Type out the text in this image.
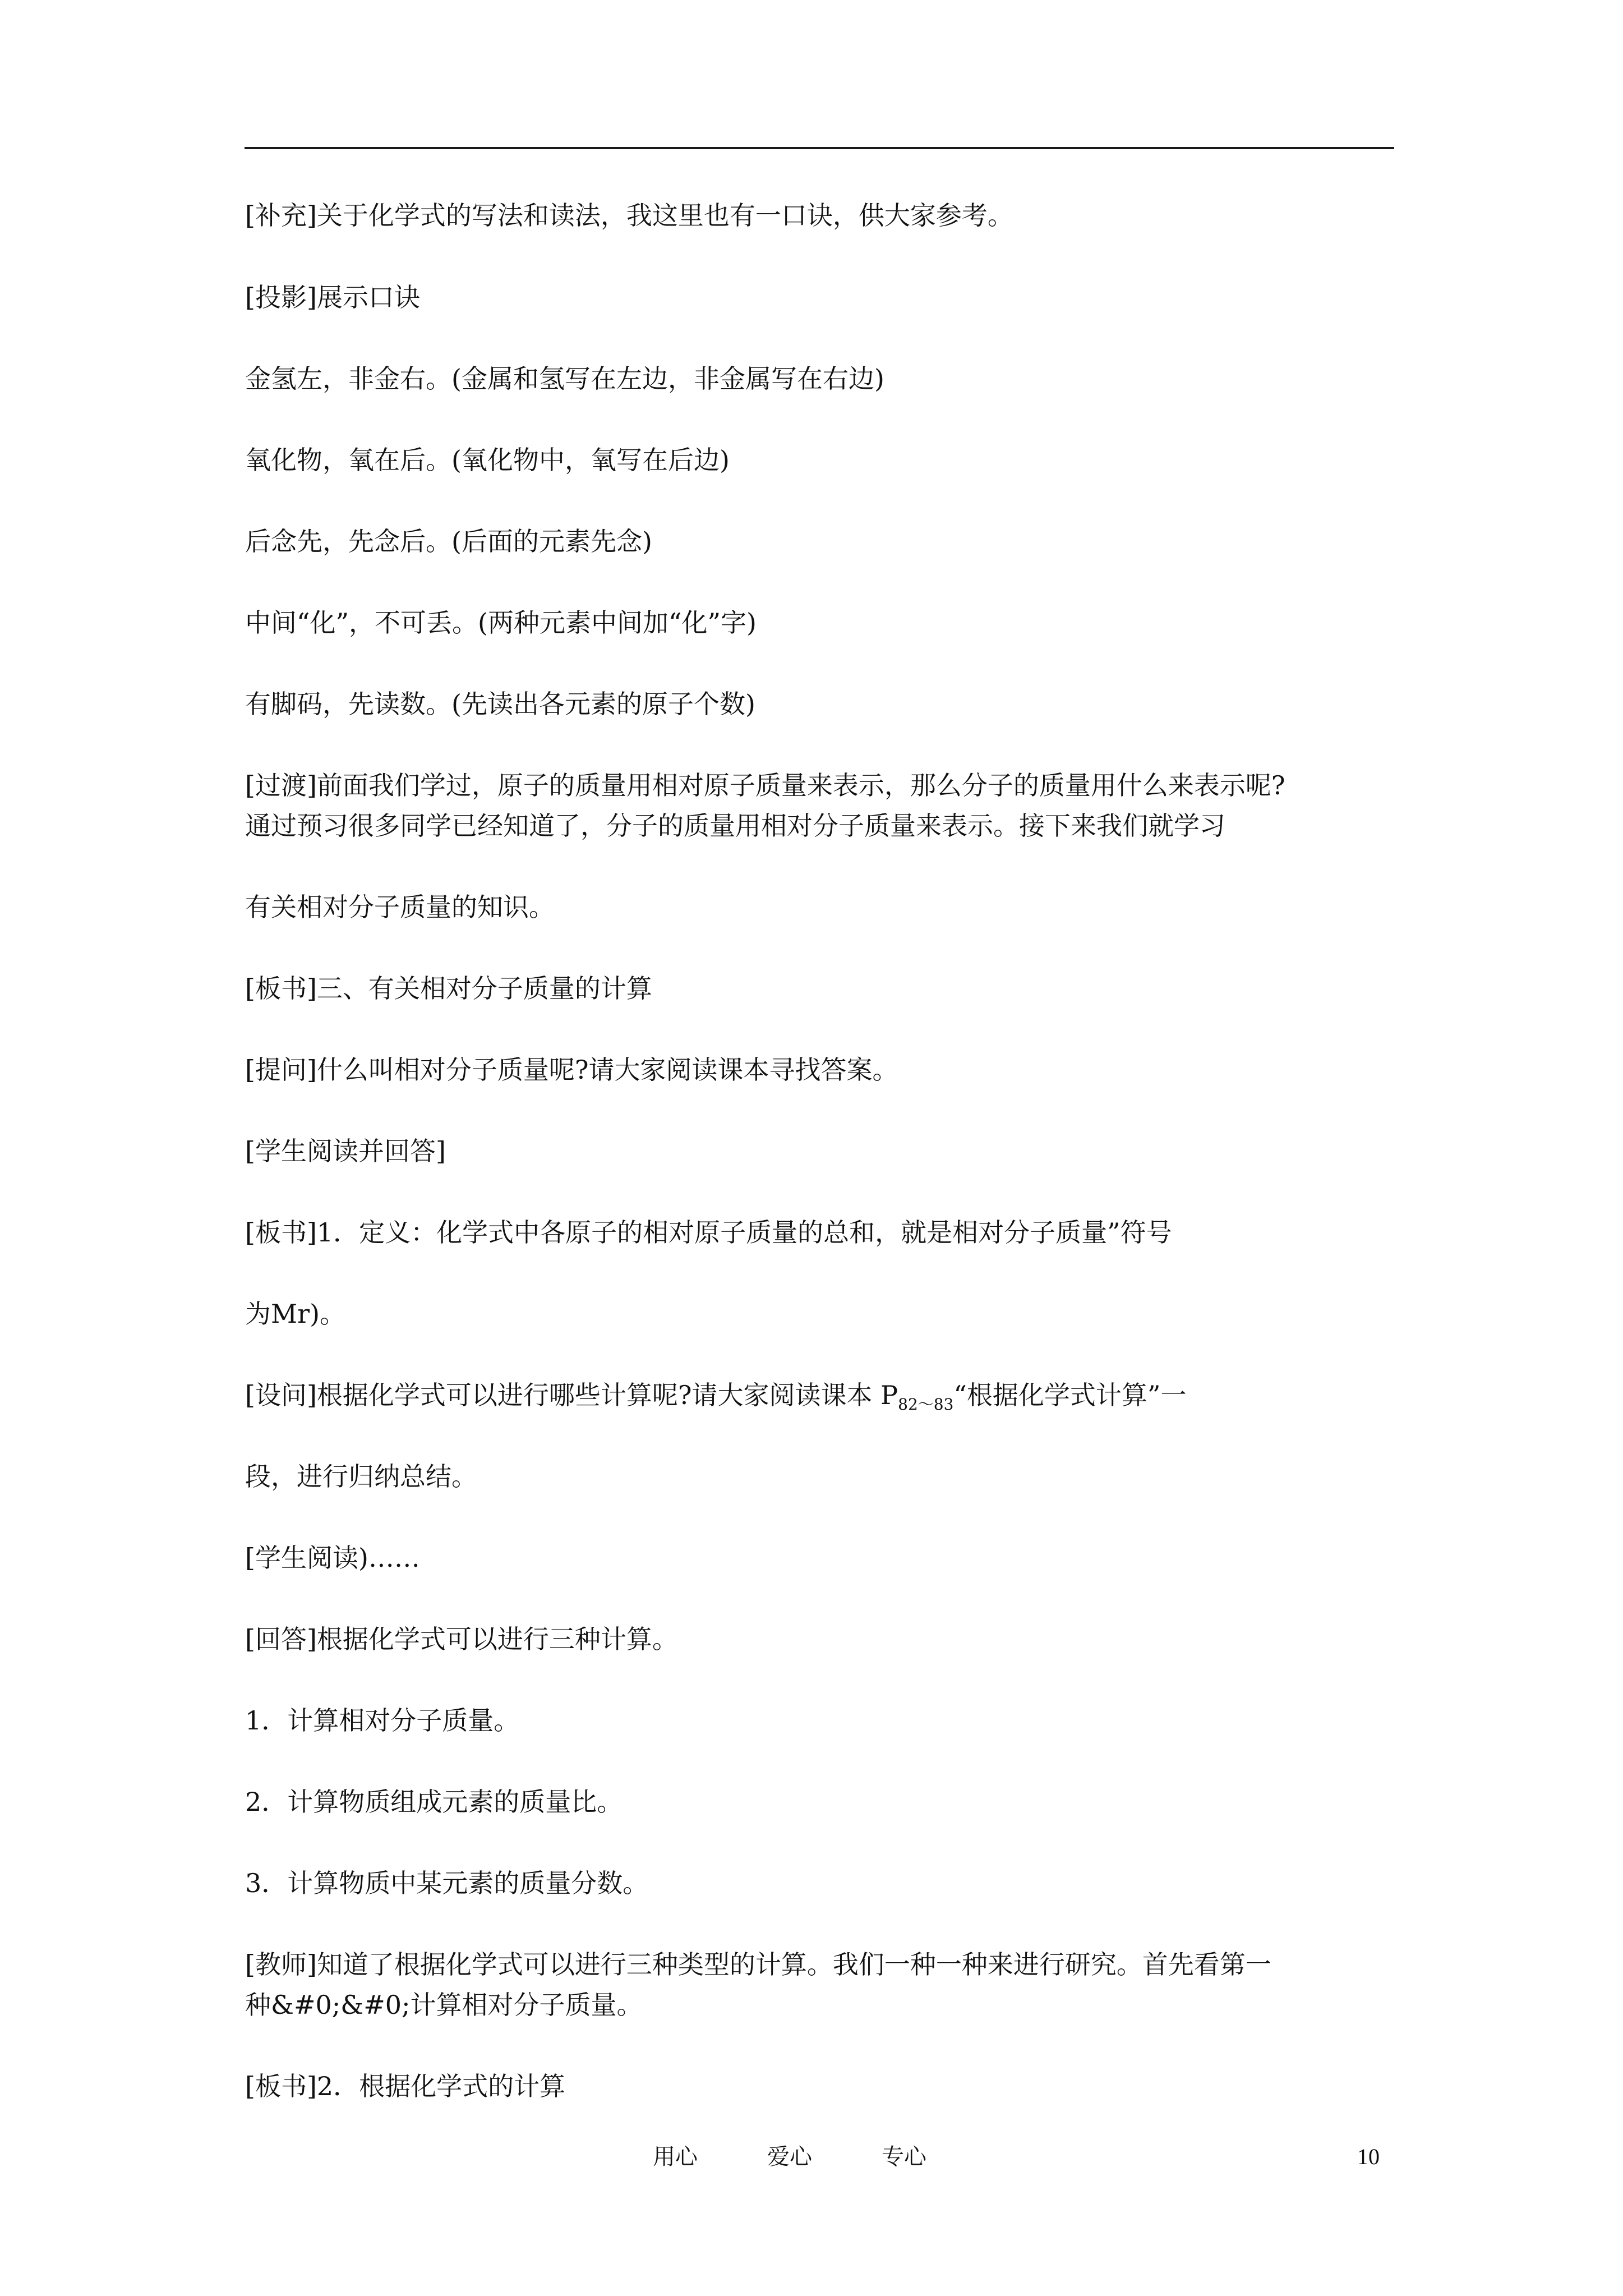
[补充]关于化学式的写法和读法，我这里也有一口诀，供大家参考。

[投影]展示口诀

金氢左，非金右。(金属和氢写在左边，非金属写在右边)

氧化物，氧在后。(氧化物中，氧写在后边)

后念先，先念后。(后面的元素先念)

中间“化”，不可丢。(两种元素中间加“化”字)

有脚码，先读数。(先读出各元素的原子个数)

[过渡]前面我们学过，原子的质量用相对原子质量来表示，那么分子的质量用什么来表示呢?

通过预习很多同学已经知道了，分子的质量用相对分子质量来表示。接下来我们就学习

有关相对分子质量的知识。

[板书]三、有关相对分子质量的计算

[提问]什么叫相对分子质量呢?请大家阅读课本寻找答案。

[学生阅读并回答]

[板书]1．定义：化学式中各原子的相对原子质量的总和，就是相对分子质量”符号

为Mr)。

[设问]根据化学式可以进行哪些计算呢?请大家阅读课本 $P_{82\sim 83}“$根据化学式计算”一

段，进行归纳总结。

[学生阅读)……

[回答]根据化学式可以进行三种计算。

1．计算相对分子质量。

2．计算物质组成元素的质量比。

3．计算物质中某元素的质量分数。

[教师]知道了根据化学式可以进行三种类型的计算。我们一种一种来进行研究。首先看第一

种&#0;&#0;计算相对分子质量。

[板书]2．根据化学式的计算

用心	爱心	专心	10
